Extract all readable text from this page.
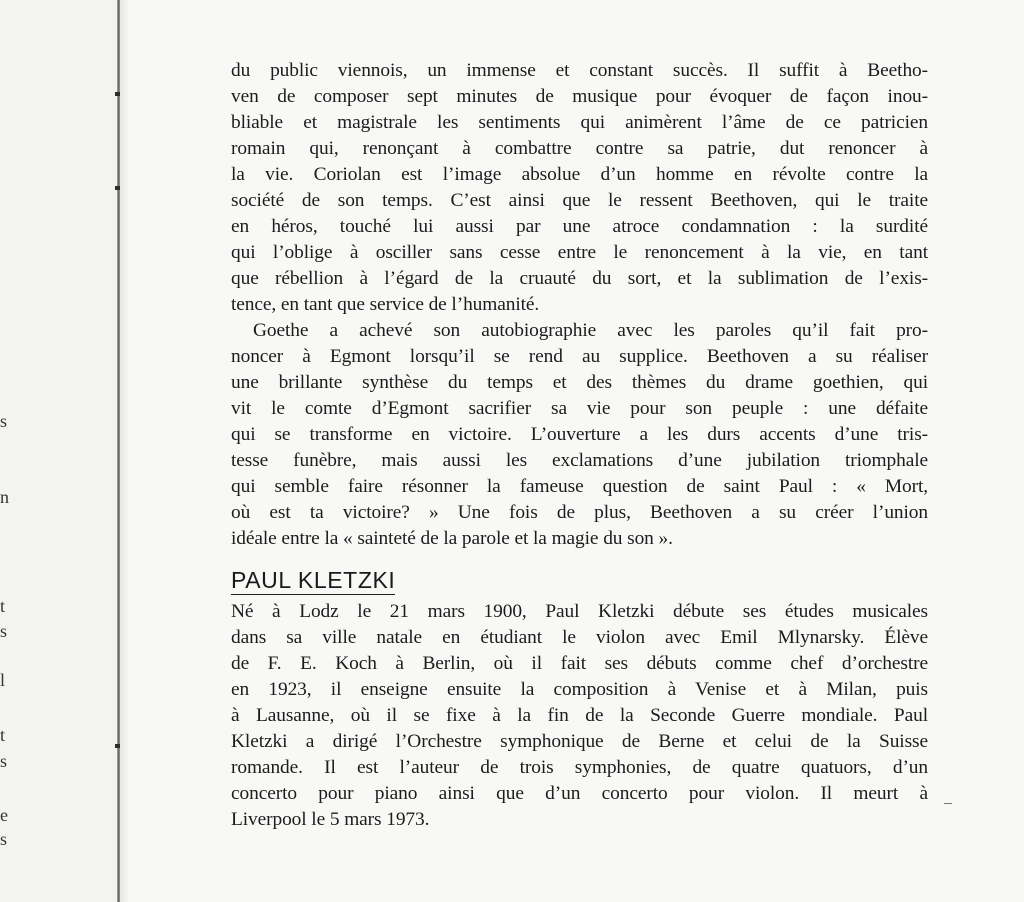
s
n
t
s
l
t
s
e
s
du public viennois, un immense et constant succès. Il suffit à Beetho-
ven de composer sept minutes de musique pour évoquer de façon inou-
bliable et magistrale les sentiments qui animèrent l’âme de ce patricien
romain qui, renonçant à combattre contre sa patrie, dut renoncer à
la vie. Coriolan est l’image absolue d’un homme en révolte contre la
société de son temps. C’est ainsi que le ressent Beethoven, qui le traite
en héros, touché lui aussi par une atroce condamnation : la surdité
qui l’oblige à osciller sans cesse entre le renoncement à la vie, en tant
que rébellion à l’égard de la cruauté du sort, et la sublimation de l’exis-
tence, en tant que service de l’humanité.
Goethe a achevé son autobiographie avec les paroles qu’il fait pro-
noncer à Egmont lorsqu’il se rend au supplice. Beethoven a su réaliser
une brillante synthèse du temps et des thèmes du drame goethien, qui
vit le comte d’Egmont sacrifier sa vie pour son peuple : une défaite
qui se transforme en victoire. L’ouverture a les durs accents d’une tris-
tesse funèbre, mais aussi les exclamations d’une jubilation triomphale
qui semble faire résonner la fameuse question de saint Paul : « Mort,
où est ta victoire? » Une fois de plus, Beethoven a su créer l’union
idéale entre la « sainteté de la parole et la magie du son ».
PAUL KLETZKI
Né à Lodz le 21 mars 1900, Paul Kletzki débute ses études musicales
dans sa ville natale en étudiant le violon avec Emil Mlynarsky. Élève
de F. E. Koch à Berlin, où il fait ses débuts comme chef d’orchestre
en 1923, il enseigne ensuite la composition à Venise et à Milan, puis
à Lausanne, où il se fixe à la fin de la Seconde Guerre mondiale. Paul
Kletzki a dirigé l’Orchestre symphonique de Berne et celui de la Suisse
romande. Il est l’auteur de trois symphonies, de quatre quatuors, d’un
concerto pour piano ainsi que d’un concerto pour violon. Il meurt à
Liverpool le 5 mars 1973.
